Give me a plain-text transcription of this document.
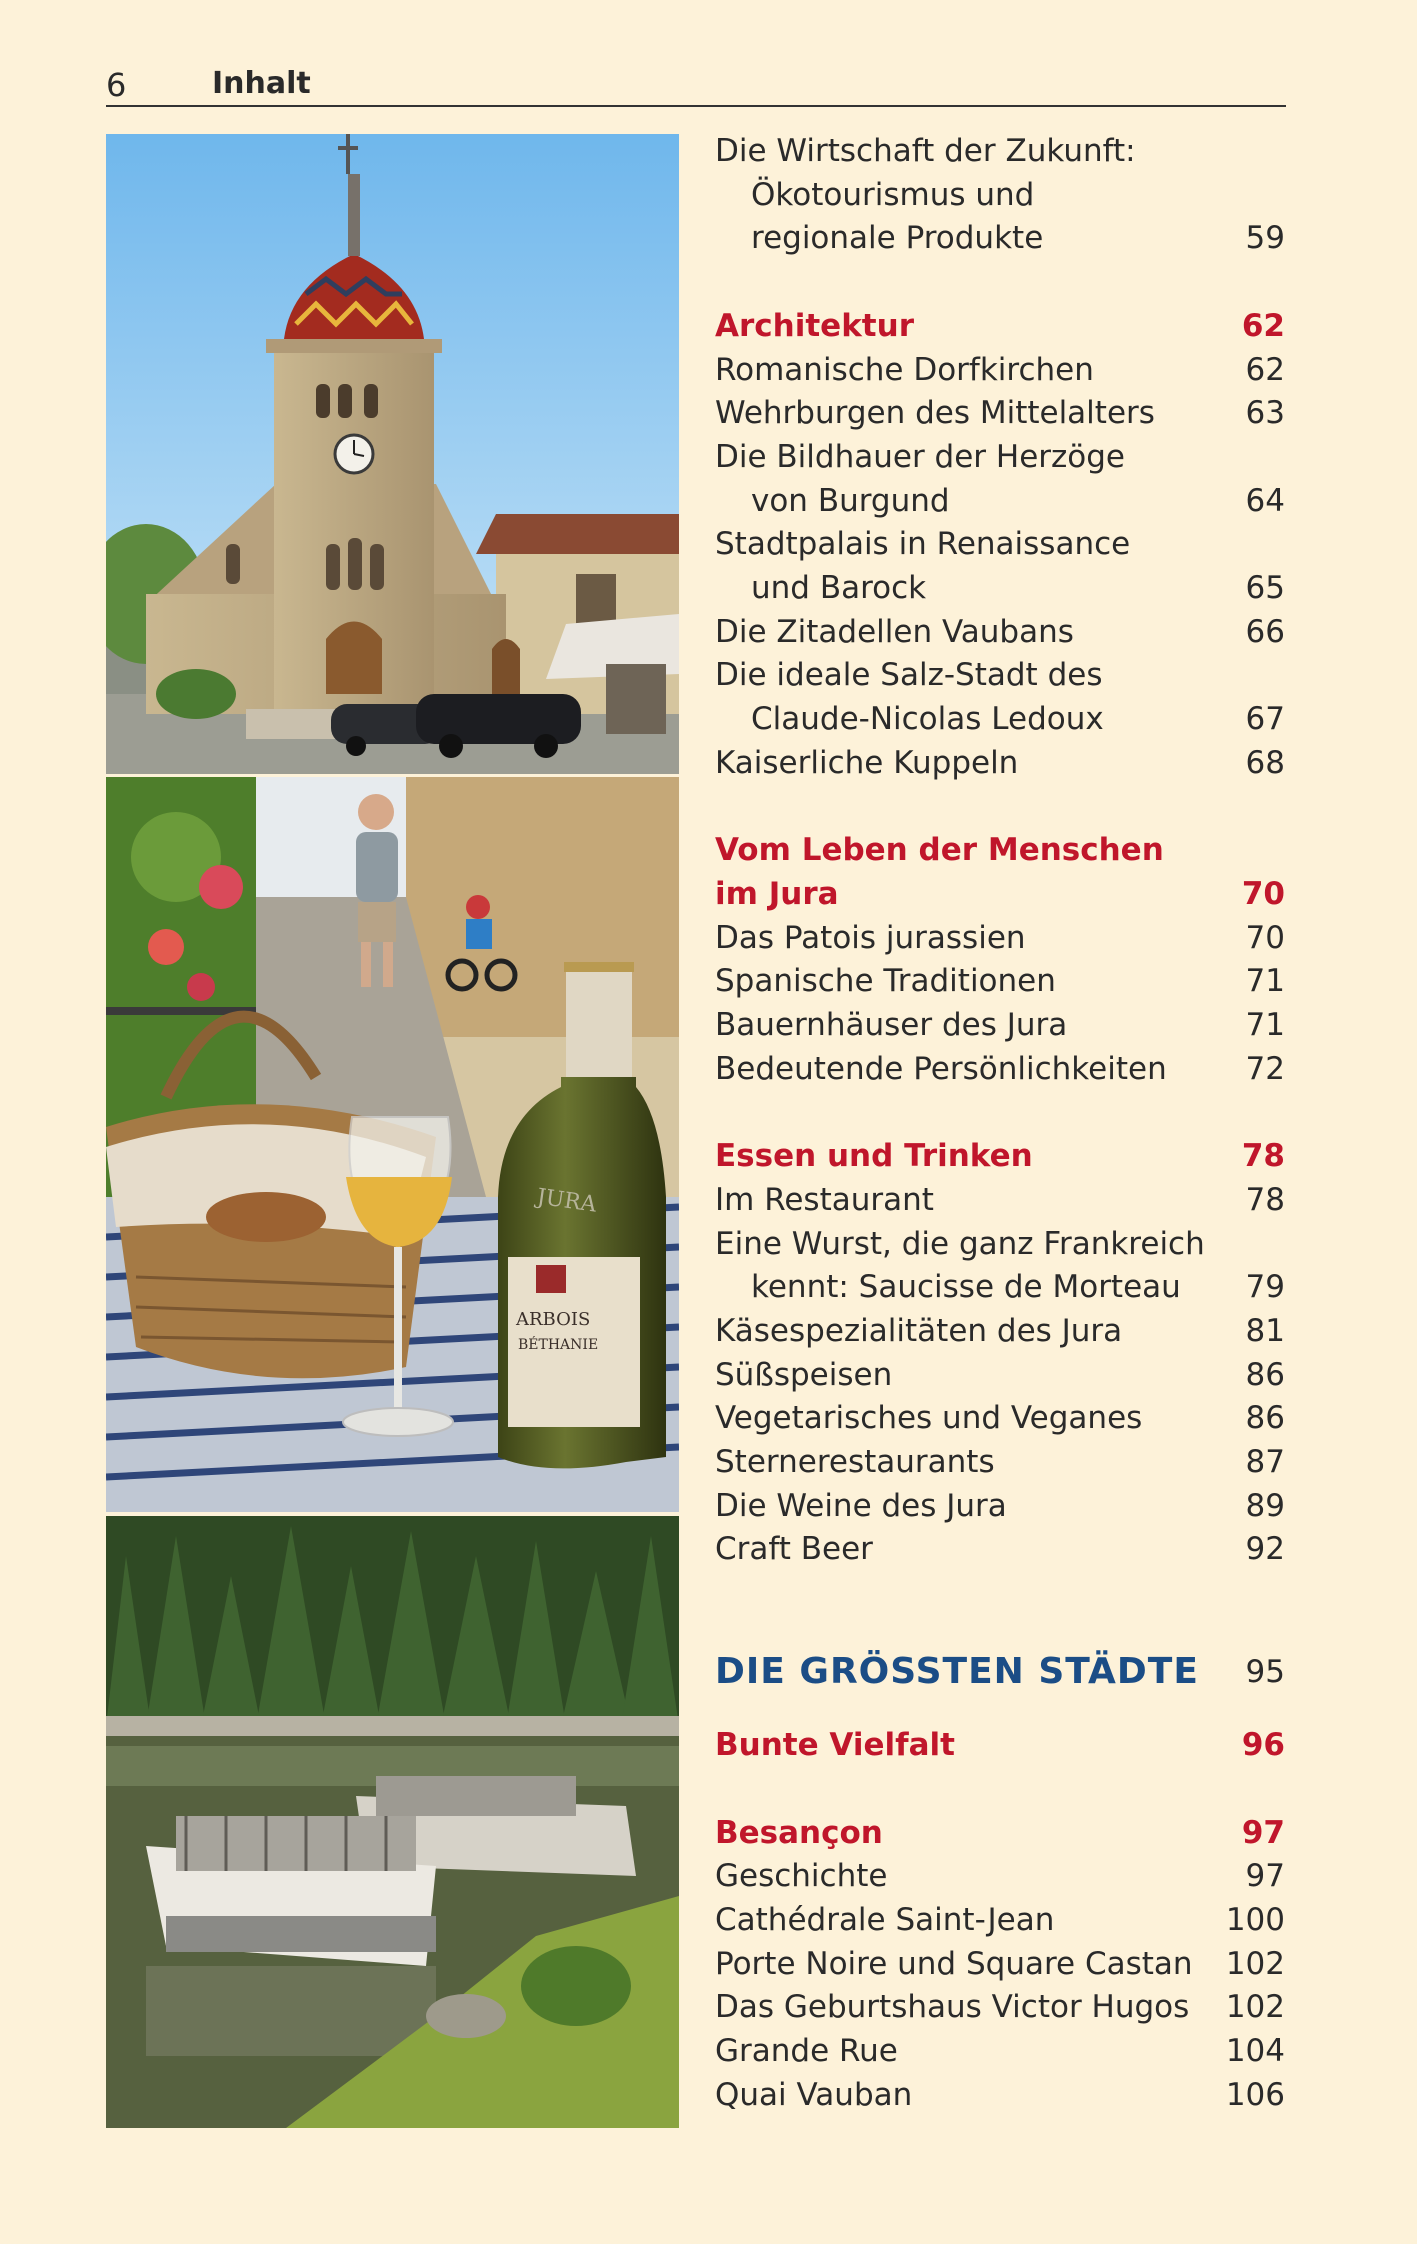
6	Inhalt
JURA
ARBOIS
BÉTHANIE
Die Wirtschaft der Zukunft:
Ökotourismus und
regionale Produkte	59
Architektur	62
Romanische Dorfkirchen	62
Wehrburgen des Mittelalters	63
Die Bildhauer der Herzöge
von Burgund	64
Stadtpalais in Renaissance
und Barock	65
Die Zitadellen Vaubans	66
Die ideale Salz-Stadt des
Claude-Nicolas Ledoux	67
Kaiserliche Kuppeln	68
Vom Leben der Menschen
im Jura	70
Das Patois jurassien	70
Spanische Traditionen	71
Bauernhäuser des Jura	71
Bedeutende Persönlichkeiten	72
Essen und Trinken	78
Im Restaurant	78
Eine Wurst, die ganz Frankreich
kennt: Saucisse de Morteau	79
Käsespezialitäten des Jura	81
Süßspeisen	86
Vegetarisches und Veganes	86
Sternerestaurants	87
Die Weine des Jura	89
Craft Beer	92
DIE GRÖSSTEN STÄDTE	95
Bunte Vielfalt	96
Besançon	97
Geschichte	97
Cathédrale Saint-Jean	100
Porte Noire und Square Castan	102
Das Geburtshaus Victor Hugos	102
Grande Rue	104
Quai Vauban	106
